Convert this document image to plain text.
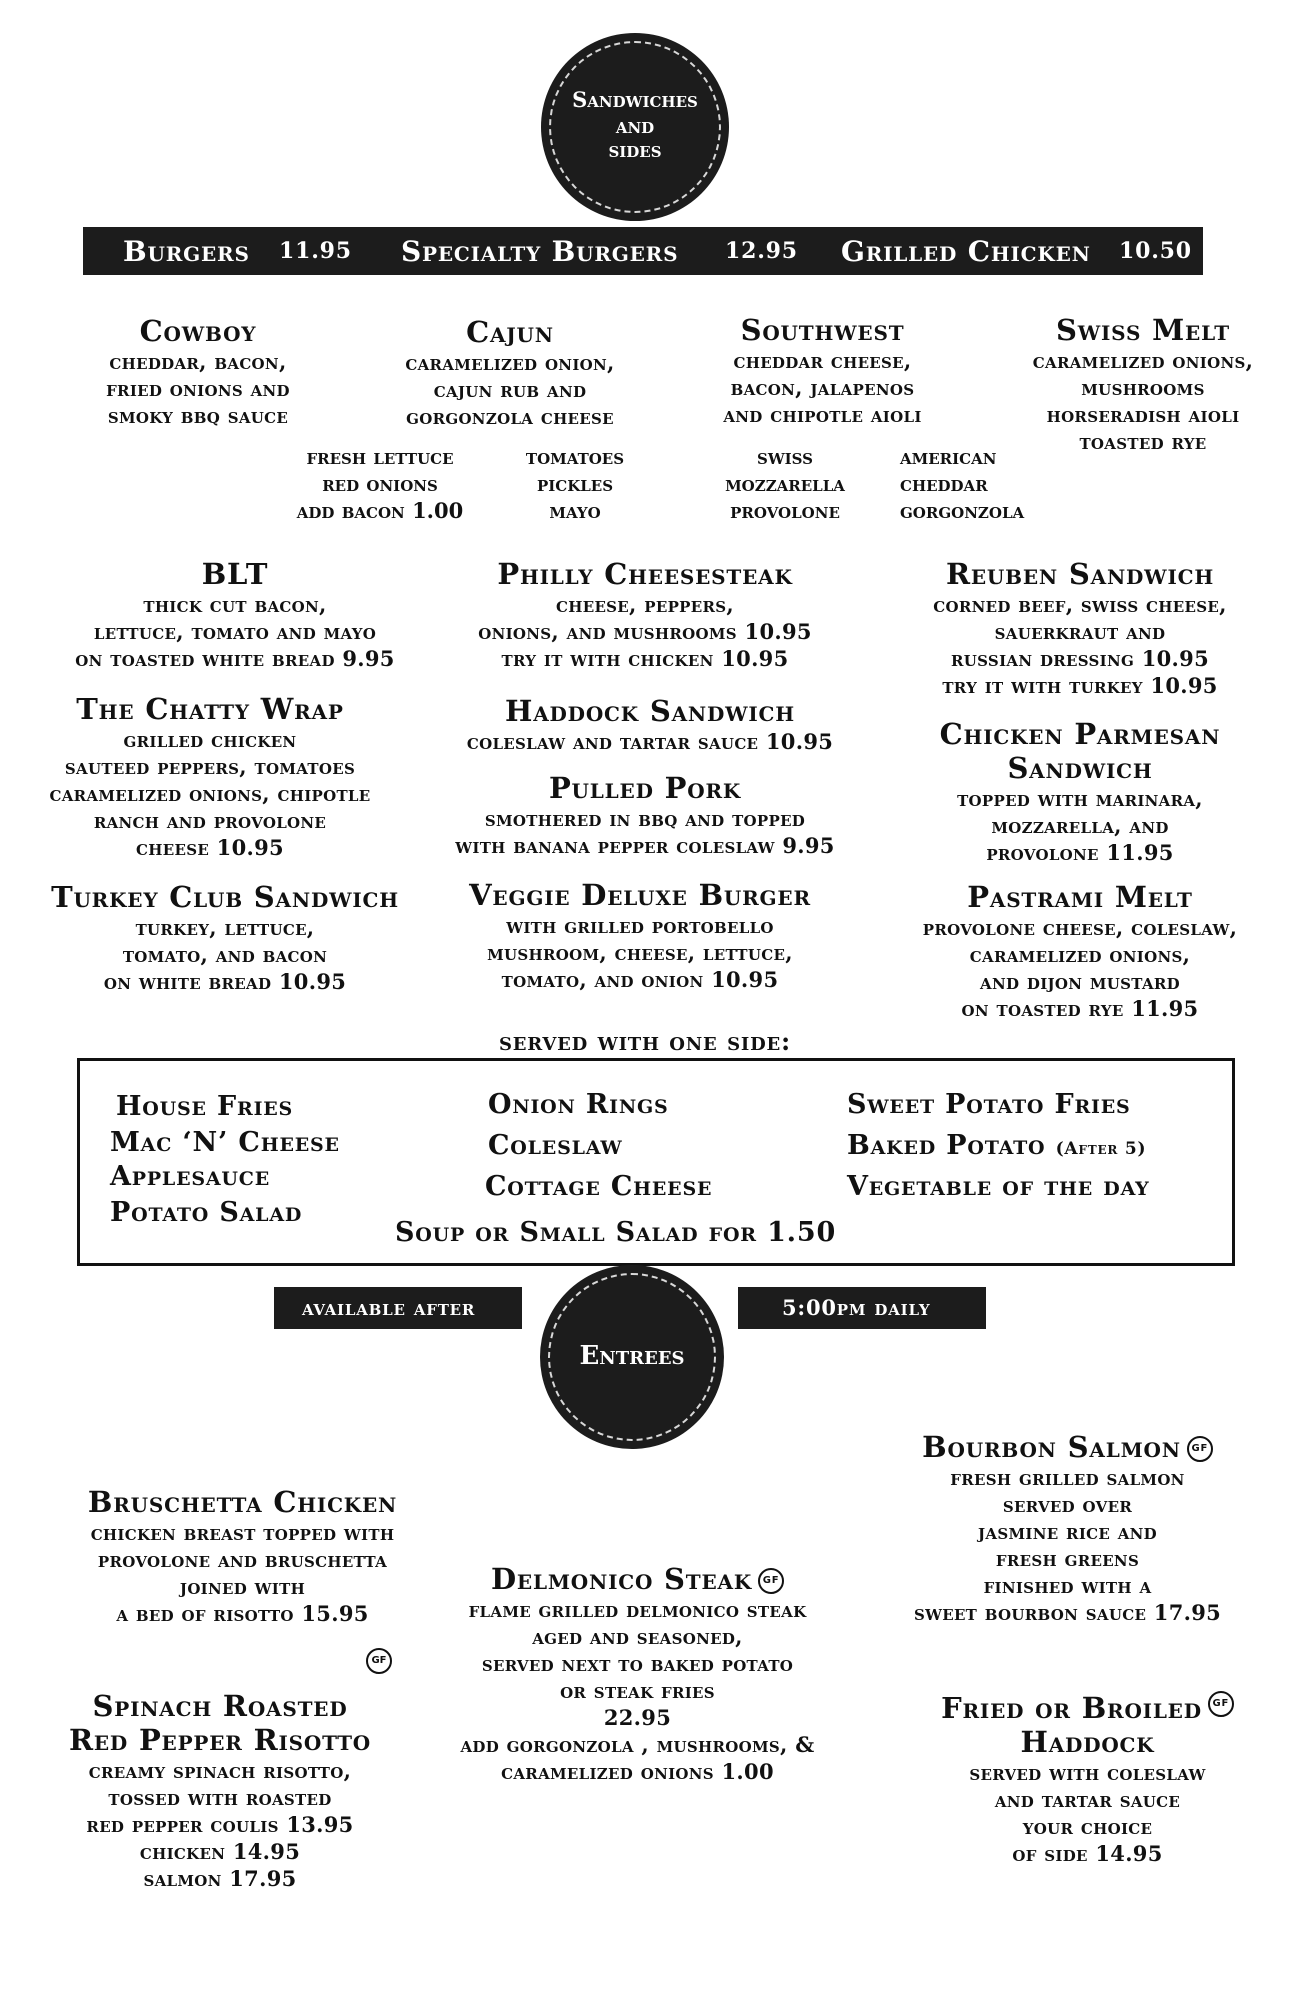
Sandwiches
and
sides
Burgers 11.95 Specialty Burgers 12.95 Grilled Chicken 10.50
Cowboy
cheddar, bacon,
fried onions and
smoky bbq sauce
Cajun
caramelized onion,
cajun rub and
gorgonzola cheese
Southwest
cheddar cheese,
bacon, jalapenos
and chipotle aioli
Swiss Melt
caramelized onions,
mushrooms
horseradish aioli
toasted rye
fresh lettuce
red onions
add bacon 1.00
tomatoes
pickles
mayo
swiss
mozzarella
provolone
american
cheddar
gorgonzola
BLT
thick cut bacon,
lettuce, tomato and mayo
on toasted white bread 9.95
The Chatty Wrap
grilled chicken
sauteed peppers, tomatoes
caramelized onions, chipotle
ranch and provolone
cheese 10.95
Turkey Club Sandwich
turkey, lettuce,
tomato, and bacon
on white bread 10.95
Philly Cheesesteak
cheese, peppers,
onions, and mushrooms 10.95
try it with chicken 10.95
Haddock Sandwich
coleslaw and tartar sauce 10.95
Pulled Pork
smothered in bbq and topped
with banana pepper coleslaw 9.95
Veggie Deluxe Burger
with grilled portobello
mushroom, cheese, lettuce,
tomato, and onion 10.95
Reuben Sandwich
corned beef, swiss cheese,
sauerkraut and
russian dressing 10.95
try it with turkey 10.95
Chicken Parmesan
Sandwich
topped with marinara,
mozzarella, and
provolone 11.95
Pastrami Melt
provolone cheese, coleslaw,
caramelized onions,
and dijon mustard
on toasted rye 11.95
served with one side:
House Fries
Mac ‘N’ Cheese
Applesauce
Potato Salad
Onion Rings
Coleslaw
Cottage Cheese
Sweet Potato Fries
Baked Potato (After 5)
Vegetable of the day
Soup or Small Salad for 1.50
available after	5:00pm daily
Entrees
Bruschetta Chicken
chicken breast topped with
provolone and bruschetta
joined with
a bed of risotto 15.95
GF
Spinach Roasted
Red Pepper Risotto
creamy spinach risotto,
tossed with roasted
red pepper coulis 13.95
chicken 14.95
salmon 17.95
Delmonico Steak GF
flame grilled delmonico steak
aged and seasoned,
served next to baked potato
or steak fries
22.95
add gorgonzola , mushrooms, &
caramelized onions 1.00
Bourbon Salmon GF
fresh grilled salmon
served over
jasmine rice and
fresh greens
finished with a
sweet bourbon sauce 17.95
Fried or Broiled GF
Haddock
served with coleslaw
and tartar sauce
your choice
of side 14.95
